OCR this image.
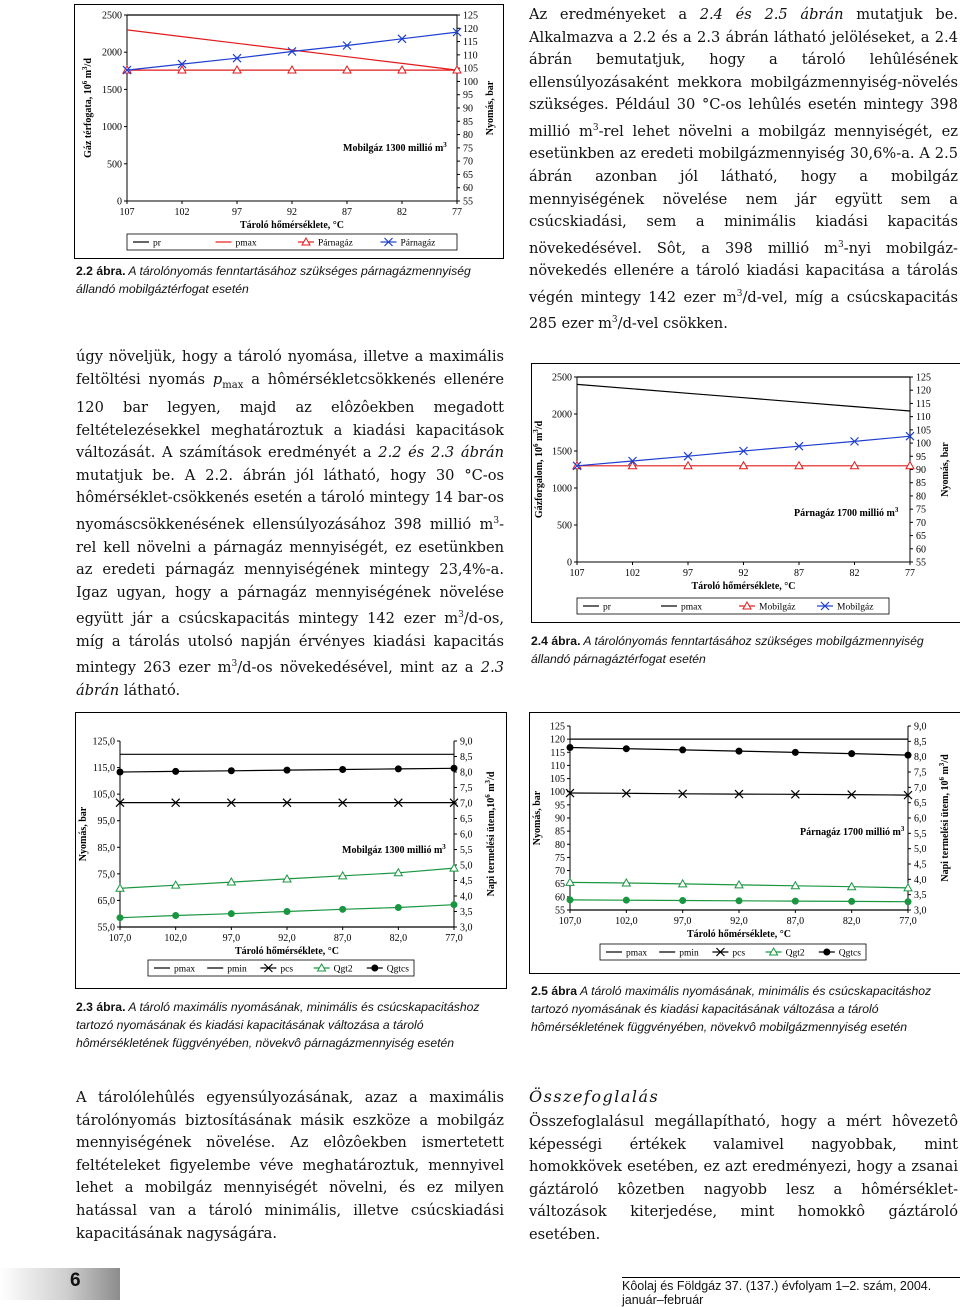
2500
2000
1500
1000
500
0
125
120
115
110
105
100
95
90
85
80
75
70
65
60
55
107	102	97	92	87	82	77
Tároló hőmérséklete, °C
Gáz térfogata, $10^6$ $m^3/d$
Nyomás, bar
Mobilgáz 1300 millió $m^3$
pr	pmax	Párnagáz	Párnagáz
2.2 ábra. A tárolónyomás fenntartásához szükséges párnagázmennyiség állandó mobilgáztérfogat esetén

úgy növeljük, hogy a tároló nyomása, illetve a maximális feltöltési nyomás $p_{max}$ a hômérsékletcsökkenés ellenére 120 bar legyen, majd az elôzôekben megadott feltételezésekkel meghatároztuk a kiadási kapacitások változását. A számítások eredményét a 2.2 és 2.3 ábrán mutatjuk be. A 2.2. ábrán jól látható, hogy 30 °C-os hômérséklet-csökkenés esetén a tároló mintegy 14 bar-os nyomáscsökkenésének ellensúlyozásához 398 millió $m^3$-rel kell növelni a párnagáz mennyiségét, ez esetünkben az eredeti párnagáz mennyiségének mintegy 23,4%-a. Igaz ugyan, hogy a párnagáz mennyiségének növelése együtt jár a csúcskapacitás mintegy 142 ezer $m^3/d-os$, míg a tárolás utolsó napján érvényes kiadási kapacitás mintegy 263 ezer $m^3/d-os$ növekedésével, mint az a 2.3 ábrán látható.

Az eredményeket a 2.4 és 2.5 ábrán mutatjuk be. Alkalmazva a 2.2 és a 2.3 ábrán látható jelöléseket, a 2.4 ábrán bemutatjuk, hogy a tároló lehûlésének ellensúlyozásaként mekkora mobilgázmennyiség-növelés szükséges. Például 30 °C-os lehûlés esetén mintegy 398 millió $m^3$-rel lehet növelni a mobilgáz mennyiségét, ez esetünkben az eredeti mobilgázmennyiség 30,6%-a. A 2.5 ábrán azonban jól látható, hogy a mobilgáz mennyiségének növelése nem jár együtt sem a csúcskiadási, sem a minimális kiadási kapacitás növekedésével. Sôt, a 398 millió $m^3$-nyi mobilgáz-növekedés ellenére a tároló kiadási kapacitása a tárolás végén mintegy 142 ezer $m^3/d$-vel, míg a csúcskapacitás 285 ezer $m^3/d$-vel csökken.

2500
2000
1500
1000
500
0
125
120
115
110
105
100
95
90
85
80
75
70
65
60
55
107	102	97	92	87	82	77
Tároló hőmérséklete, °C
Gázforgalom, $10^6$ $m^3/d$
Nyomás, bar
Párnagáz 1700 millió $m^3$
pr	pmax	Mobilgáz	Mobilgáz
2.4 ábra. A tárolónyomás fenntartásához szükséges mobilgázmennyiség állandó párnagáztérfogat esetén
125,0
115,0
105,0
95,0
85,0
75,0
65,0
55,0
9,0
8,5
8,0
7,5
7,0
6,5
6,0
5,5
5,0
4,5
4,0
3,5
3,0
107,0	102,0	97,0	92,0	87,0	82,0	77,0
Tároló hőmérséklete, °C
Nyomás, bar	Napi termelési $ütem,10^6$ $m^3/d$
Mobilgáz 1300 millió $m^3$
pmax	pmin	pcs	Qgt2	Qgtcs
2.3 ábra. A tároló maximális nyomásának, minimális és csúcskapacitáshoz tartozó nyomásának és kiadási kapacitásának változása a tároló hômérsékletének függvényében, növekvô párnagázmennyiség esetén
125
120
115
110
105
100
95
90
85
80
75
70
65
60
55
9,0
8,5
8,0
7,5
7,0
6,5
6,0
5,5
5,0
4,5
4,0
3,5
3,0
107,0	102,0	97,0	92,0	87,0	82,0	77,0
Tároló hőmérséklete, °C
Nyomás, bar	Napi termelési ütem, $10^6$ $m^3/d$
Párnagáz 1700 millió $m^3$
pmax	pmin	pcs	Qgt2	Qgtcs
2.5 ábra A tároló maximális nyomásának, minimális és csúcskapacitáshoz tartozó nyomásának és kiadási kapacitásának változása a tároló hômérsékletének függvényében, növekvô mobilgázmennyiség esetén

A tárolólehûlés egyensúlyozásának, azaz a maximális tárolónyomás biztosításának másik eszköze a mobilgáz mennyiségének növelése. Az elôzôekben ismertetett feltételeket figyelembe véve meghatároztuk, mennyivel lehet a mobilgáz mennyiségét növelni, és ez milyen hatással van a tároló minimális, illetve csúcskiadási kapacitásának nagyságára.

Összefoglalás

Összefoglalásul megállapítható, hogy a mért hôvezetô képességi értékek valamivel nagyobbak, mint homokkövek esetében, ez azt eredményezi, hogy a zsanai gáztároló kôzetben nagyobb lesz a hômérséklet-változások kiterjedése, mint homokkô gáztároló esetében.

6	Kôolaj és Földgáz 37. (137.) évfolyam 1–2. szám, 2004. január–február
